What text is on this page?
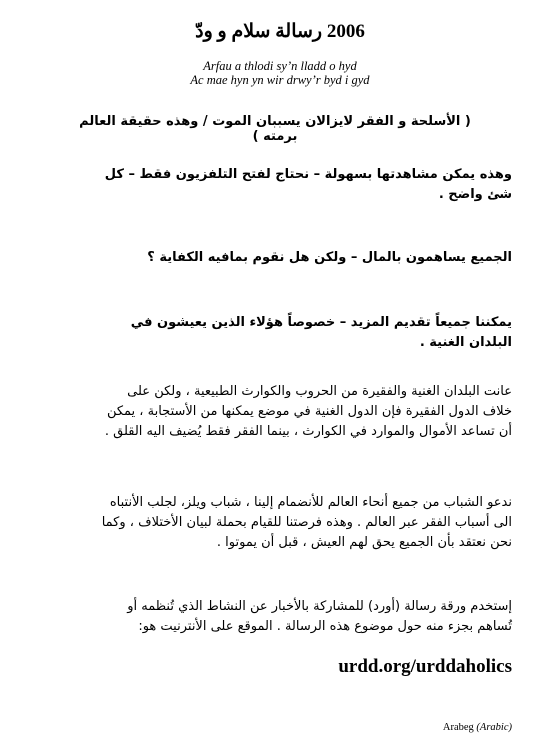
2006 رسالة سلام و ودّ
Arfau a thlodi sy’n lladd o hyd
Ac mae hyn yn wir drwy’r byd i gyd
( الأسلحة و الفقر لايزالان يسببان الموت / وهذه حقيقة العالم برمته )
وهذه يمكن مشاهدتها بسهولة – نحتاج لفتح التلفزيون فقط – كل شئ واضح .
الجميع يساهمون بالمال – ولكن هل نقوم بمافيه الكفاية ؟
يمكننا جميعاً تقديم المزيد – خصوصاً هؤلاء الذين يعيشون في البلدان الغنية .
عانت البلدان الغنية والفقيرة من الحروب والكوارث الطبيعية ، ولكن على خلاف الدول الفقيرة فإن الدول الغنية في موضع يمكنها من الأستجابة ، يمكن أن تساعد الأموال والموارد في الكوارث ، بينما الفقر فقط يُضيف اليه القلق .
ندعو الشباب من جميع أنحاء العالم للأنضمام إلينا ، شباب ويلز، لجلب الأنتباه الى أسباب الفقر عبر العالم . وهذه فرصتنا للقيام بحملة لبيان الأختلاف ، وكما نحن نعتقد بأن الجميع يحق لهم العيش ، قبل أن يموتوا .
إستخدم ورقة رسالة (أورد) للمشاركة بالأخبار عن النشاط الذي تُنظمه أو تُساهم بجزء منه حول موضوع هذه الرسالة . الموقع على الأنترنيت هو:
urdd.org/urddaholics
Arabeg (Arabic)
